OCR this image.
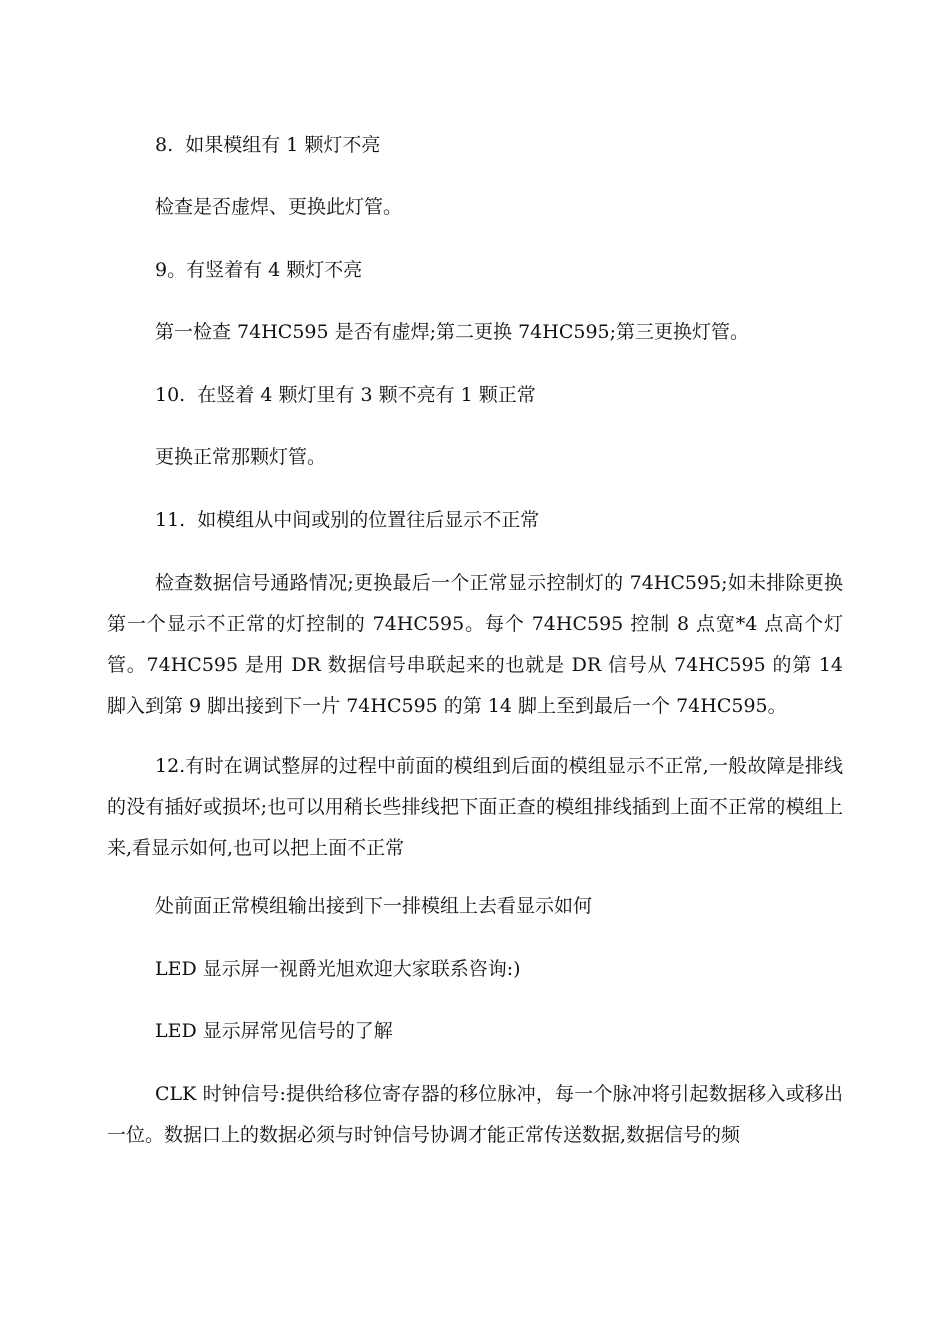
8.  如果模组有 1 颗灯不亮

检查是否虚焊、更换此灯管。

9。有竖着有 4 颗灯不亮

第一检查 74HC595 是否有虚焊;第二更换 74HC595;第三更换灯管。

10.  在竖着 4 颗灯里有 3 颗不亮有 1 颗正常

更换正常那颗灯管。

11.  如模组从中间或别的位置往后显示不正常

检查数据信号通路情况;更换最后一个正常显示控制灯的 74HC595;如未排除更换第一个显示不正常的灯控制的 74HC595。每个 74HC595 控制 8 点宽*4 点高个灯管。74HC595 是用 DR 数据信号串联起来的也就是 DR 信号从 74HC595 的第 14 脚入到第 9 脚出接到下一片 74HC595 的第 14 脚上至到最后一个 74HC595。

12.有时在调试整屏的过程中前面的模组到后面的模组显示不正常,一般故障是排线的没有插好或损坏;也可以用稍长些排线把下面正查的模组排线插到上面不正常的模组上来,看显示如何,也可以把上面不正常

处前面正常模组输出接到下一排模组上去看显示如何

LED 显示屏一视爵光旭欢迎大家联系咨询:)

LED 显示屏常见信号的了解

CLK 时钟信号:提供给移位寄存器的移位脉冲，每一个脉冲将引起数据移入或移出一位。数据口上的数据必须与时钟信号协调才能正常传送数据,数据信号的频
